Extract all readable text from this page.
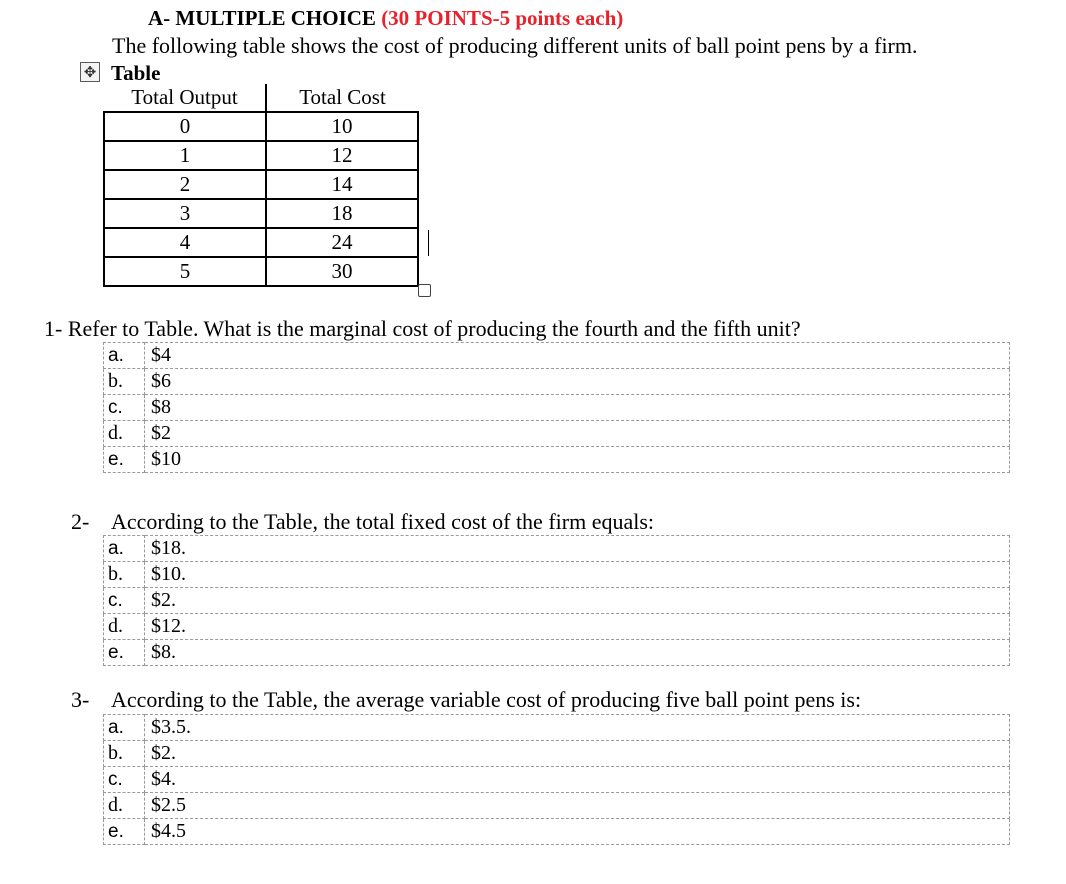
A- MULTIPLE CHOICE (30 POINTS-5 points each)
The following table shows the cost of producing different units of ball point pens by a firm.
✥ Table
Total Output	Total Cost
0	10
1	12
2	14
3	18
4	24
5	30
1- Refer to Table. What is the marginal cost of producing the fourth and the fifth unit?
a.	$4
b.	$6
c.	$8
d.	$2
e.	$10
2- According to the Table, the total fixed cost of the firm equals:
a.	$18.
b.	$10.
c.	$2.
d.	$12.
e.	$8.
3- According to the Table, the average variable cost of producing five ball point pens is:
a.	$3.5.
b.	$2.
c.	$4.
d.	$2.5
e.	$4.5
